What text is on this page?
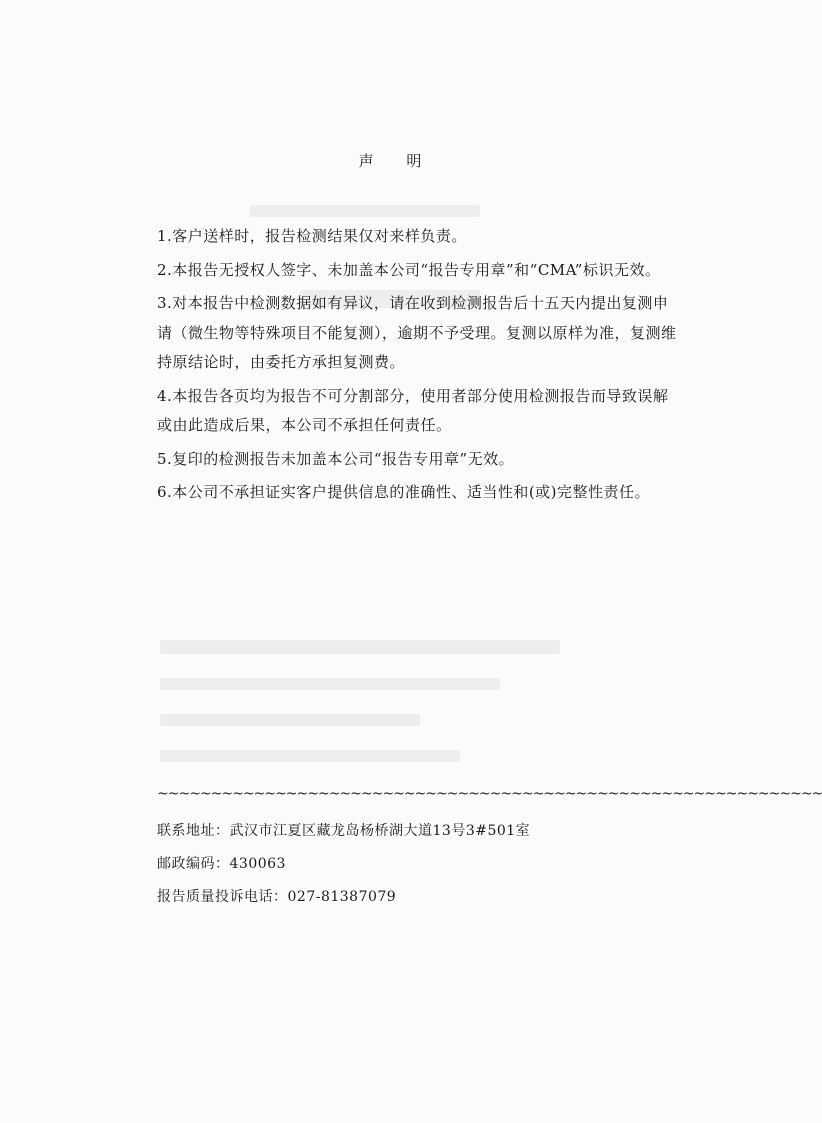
声 明

1.客户送样时，报告检测结果仅对来样负责。

2.本报告无授权人签字、未加盖本公司“报告专用章”和“CMA”标识无效。

3.对本报告中检测数据如有异议，请在收到检测报告后十五天内提出复测申请（微生物等特殊项目不能复测），逾期不予受理。复测以原样为准，复测维持原结论时，由委托方承担复测费。

4.本报告各页均为报告不可分割部分，使用者部分使用检测报告而导致误解或由此造成后果，本公司不承担任何责任。

5.复印的检测报告未加盖本公司“报告专用章”无效。

6.本公司不承担证实客户提供信息的准确性、适当性和(或)完整性责任。

~~~~~~~~~~~~~~~~~~~~~~~~~~~~~~~~~~~~~~~~~~~~~~~~~~~~~~~~~~~~~~

联系地址：武汉市江夏区藏龙岛杨桥湖大道13号3#501室

邮政编码：430063

报告质量投诉电话：027-81387079
